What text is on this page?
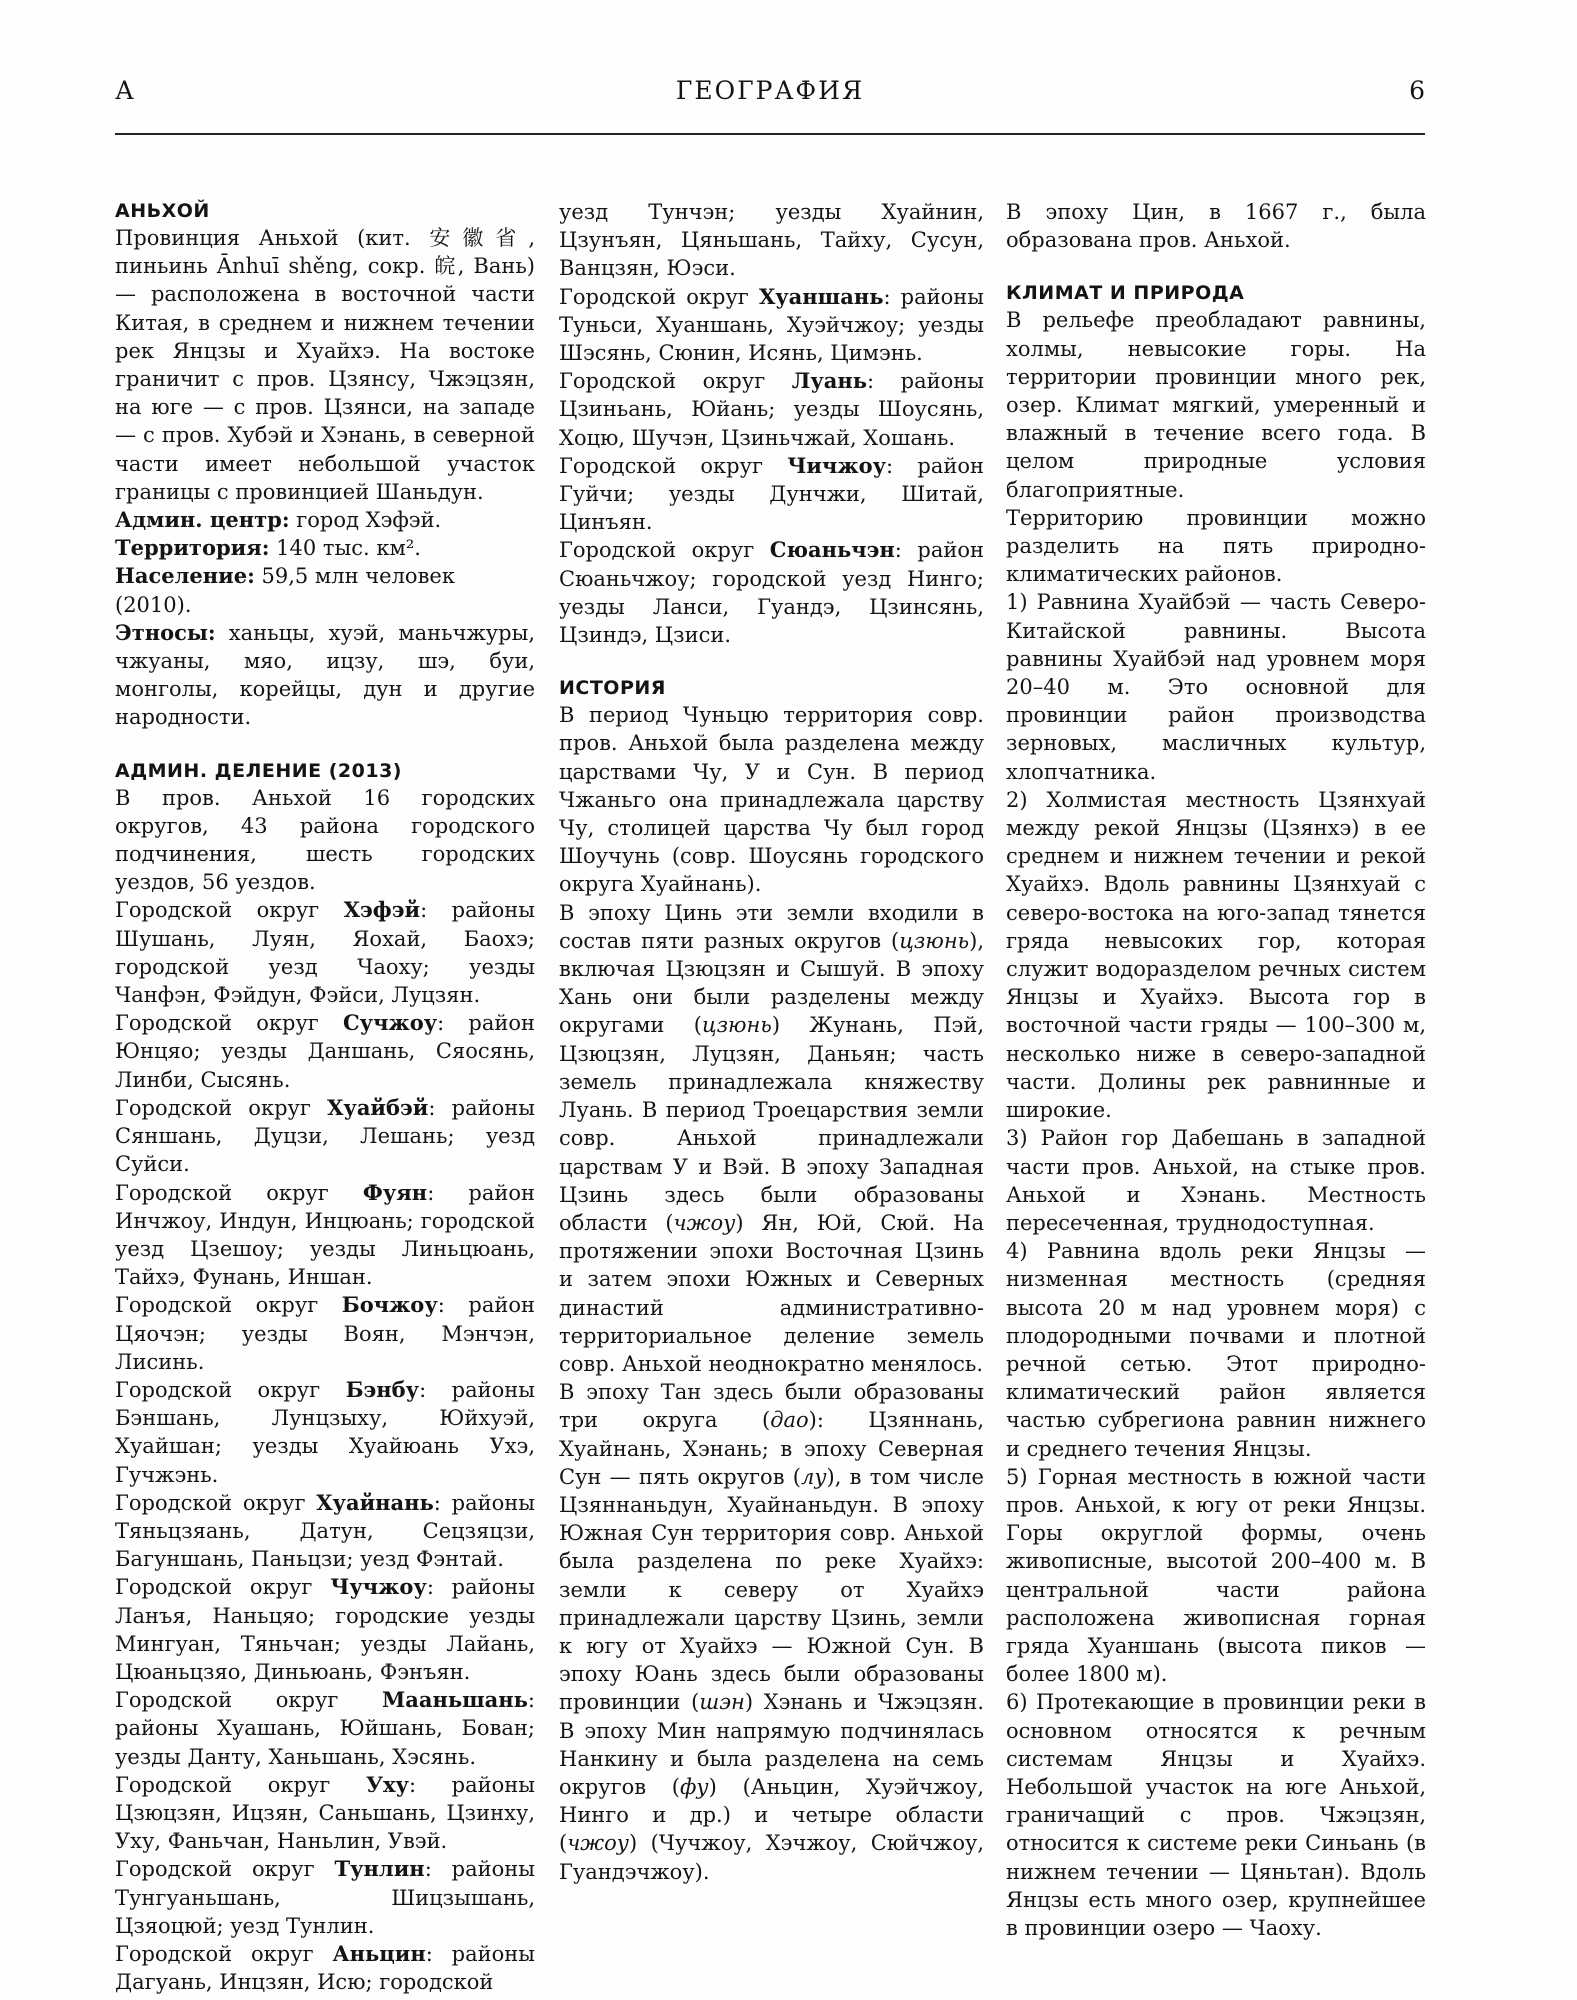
А	ГЕОГРАФИЯ	6

АНЬХОЙ

Провинция Аньхой (кит. 安徽省, пиньинь Ānhuī shěng, сокр. 皖, Вань) — расположена в восточной части Китая, в среднем и нижнем течении рек Янцзы и Хуайхэ. На востоке граничит с пров. Цзянсу, Чжэцзян, на юге — с пров. Цзянси, на западе — с пров. Хубэй и Хэнань, в северной части имеет небольшой участок границы с провинцией Шаньдун.

Админ. центр: город Хэфэй.

Территория: 140 тыс. км².

Население: 59,5 млн человек (2010).

Этносы: ханьцы, хуэй, маньчжуры, чжуаны, мяо, ицзу, шэ, буи, монголы, корейцы, дун и другие народности.

АДМИН. ДЕЛЕНИЕ (2013)

В пров. Аньхой 16 городских округов, 43 района городского подчинения, шесть городских уездов, 56 уездов.

Городской округ Хэфэй: районы Шушань, Луян, Яохай, Баохэ; городской уезд Чаоху; уезды Чанфэн, Фэйдун, Фэйси, Луцзян.

Городской округ Сучжоу: район Юнцяо; уезды Даншань, Сяосянь, Линби, Сысянь.

Городской округ Хуайбэй: районы Сяншань, Дуцзи, Лешань; уезд Суйси.

Городской округ Фуян: район Инчжоу, Индун, Инцюань; городской уезд Цзешоу; уезды Линьцюань, Тайхэ, Фунань, Иншан.

Городской округ Бочжоу: район Цяочэн; уезды Воян, Мэнчэн, Лисинь.

Городской округ Бэнбу: районы Бэншань, Лунцзыху, Юйхуэй, Хуайшан; уезды Хуайюань Ухэ, Гучжэнь.

Городской округ Хуайнань: районы Тяньцзяань, Датун, Сецзяцзи, Багуншань, Паньцзи; уезд Фэнтай.

Городской округ Чучжоу: районы Ланъя, Наньцяо; городские уезды Мингуан, Тяньчан; уезды Лайань, Цюаньцзяо, Диньюань, Фэнъян.

Городской округ Мааньшань: районы Хуашань, Юйшань, Бован; уезды Данту, Ханьшань, Хэсянь.

Городской округ Уху: районы Цзюцзян, Ицзян, Саньшань, Цзинху, Уху, Фаньчан, Наньлин, Увэй.

Городской округ Тунлин: районы Тунгуаньшань, Шицзышань, Цзяоцюй; уезд Тунлин.

Городской округ Аньцин: районы Дагуань, Инцзян, Исю; городской

уезд Тунчэн; уезды Хуайнин, Цзунъян, Цяньшань, Тайху, Сусун, Ванцзян, Юэси.

Городской округ Хуаншань: районы Туньси, Хуаншань, Хуэйчжоу; уезды Шэсянь, Сюнин, Исянь, Цимэнь.

Городской округ Луань: районы Цзиньань, Юйань; уезды Шоусянь, Хоцю, Шучэн, Цзиньчжай, Хошань.

Городской округ Чичжоу: район Гуйчи; уезды Дунчжи, Шитай, Цинъян.

Городской округ Сюаньчэн: район Сюаньчжоу; городской уезд Нинго; уезды Ланси, Гуандэ, Цзинсянь, Цзиндэ, Цзиси.

ИСТОРИЯ

В период Чуньцю территория совр. пров. Аньхой была разделена между царствами Чу, У и Сун. В период Чжаньго она принадлежала царству Чу, столицей царства Чу был город Шоучунь (совр. Шоусянь городского округа Хуайнань).

В эпоху Цинь эти земли входили в состав пяти разных округов (цзюнь), включая Цзюцзян и Сышуй. В эпоху Хань они были разделены между округами (цзюнь) Жунань, Пэй, Цзюцзян, Луцзян, Даньян; часть земель принадлежала княжеству Луань. В период Троецарствия земли совр. Аньхой принадлежали царствам У и Вэй. В эпоху Западная Цзинь здесь были образованы области (чжоу) Ян, Юй, Сюй. На протяжении эпохи Восточная Цзинь и затем эпохи Южных и Северных династий административно-территориальное деление земель совр. Аньхой неоднократно менялось.

В эпоху Тан здесь были образованы три округа (дао): Цзяннань, Хуайнань, Хэнань; в эпоху Северная Сун — пять округов (лу), в том числе Цзяннаньдун, Хуайнаньдун. В эпоху Южная Сун территория совр. Аньхой была разделена по реке Хуайхэ: земли к северу от Хуайхэ принадлежали царству Цзинь, земли к югу от Хуайхэ — Южной Сун. В эпоху Юань здесь были образованы провинции (шэн) Хэнань и Чжэцзян. В эпоху Мин напрямую подчинялась Нанкину и была разделена на семь округов (фу) (Аньцин, Хуэйчжоу, Нинго и др.) и четыре области (чжоу) (Чучжоу, Хэчжоу, Сюйчжоу, Гуандэчжоу).

В эпоху Цин, в 1667 г., была образована пров. Аньхой.

КЛИМАТ И ПРИРОДА

В рельефе преобладают равнины, холмы, невысокие горы. На территории провинции много рек, озер. Климат мягкий, умеренный и влажный в течение всего года. В целом природные условия благоприятные.

Территорию провинции можно разделить на пять природно-климатических районов.

1) Равнина Хуайбэй — часть Северо-Китайской равнины. Высота равнины Хуайбэй над уровнем моря 20–40 м. Это основной для провинции район производства зерновых, масличных культур, хлопчатника.

2) Холмистая местность Цзянхуай между рекой Янцзы (Цзянхэ) в ее среднем и нижнем течении и рекой Хуайхэ. Вдоль равнины Цзянхуай с северо-востока на юго-запад тянется гряда невысоких гор, которая служит водоразделом речных систем Янцзы и Хуайхэ. Высота гор в восточной части гряды — 100–300 м, несколько ниже в северо-западной части. Долины рек равнинные и широкие.

3) Район гор Дабешань в западной части пров. Аньхой, на стыке пров. Аньхой и Хэнань. Местность пересеченная, труднодоступная.

4) Равнина вдоль реки Янцзы — низменная местность (средняя высота 20 м над уровнем моря) с плодородными почвами и плотной речной сетью. Этот природно-климатический район является частью субрегиона равнин нижнего и среднего течения Янцзы.

5) Горная местность в южной части пров. Аньхой, к югу от реки Янцзы. Горы округлой формы, очень живописные, высотой 200–400 м. В центральной части района расположена живописная горная гряда Хуаншань (высота пиков — более 1800 м).

6) Протекающие в провинции реки в основном относятся к речным системам Янцзы и Хуайхэ. Небольшой участок на юге Аньхой, граничащий с пров. Чжэцзян, относится к системе реки Синьань (в нижнем течении — Цяньтан). Вдоль Янцзы есть много озер, крупнейшее в провинции озеро — Чаоху.
